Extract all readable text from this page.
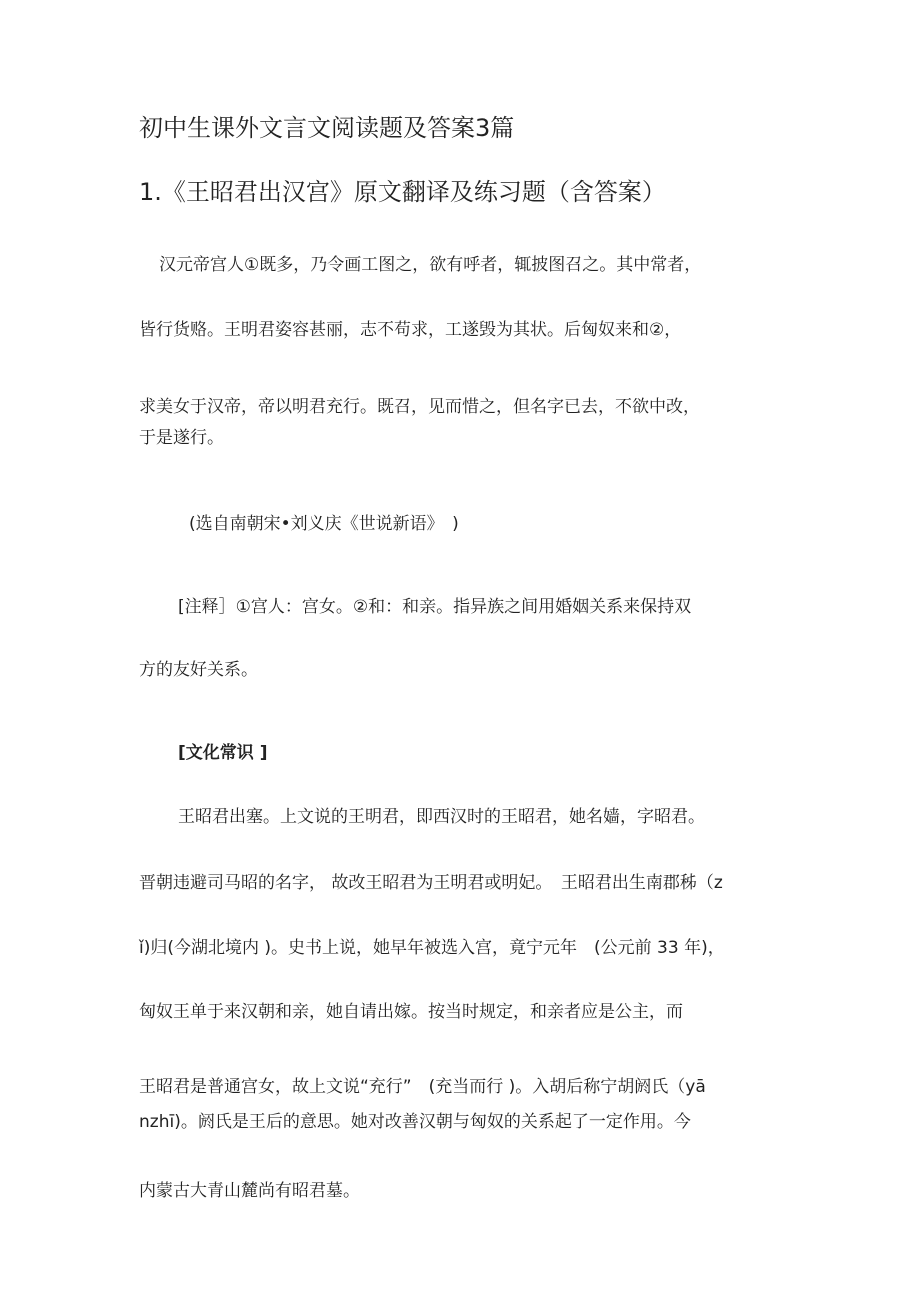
初中生课外文言文阅读题及答案3篇
1.《王昭君出汉宫》原文翻译及练习题（含答案）
汉元帝宫人①既多，乃令画工图之，欲有呼者，辄披图召之。其中常者，
皆行货赂。王明君姿容甚丽，志不苟求，工遂毁为其状。后匈奴来和②，
求美女于汉帝，帝以明君充行。既召，见而惜之，但名字已去，不欲中改，
于是遂行。
(选自南朝宋•刘义庆《世说新语》　)
[注释］①宫人：宫女。②和：和亲。指异族之间用婚姻关系来保持双
方的友好关系。
[文化常识 ]
王昭君出塞。上文说的王明君，即西汉时的王昭君，她名嫱，字昭君。
晋朝违避司马昭的名字， 故改王昭君为王明君或明妃。　王昭君出生南郡秭（z
ǐ)归(今湖北境内 )。史书上说，她早年被选入宫，竟宁元年　(公元前 33 年)，
匈奴王单于来汉朝和亲，她自请出嫁。按当时规定，和亲者应是公主，而
王昭君是普通宫女，故上文说“充行”　(充当而行 )。入胡后称宁胡阏氏（yā
nzhī)。阏氏是王后的意思。她对改善汉朝与匈奴的关系起了一定作用。今
内蒙古大青山麓尚有昭君墓。
